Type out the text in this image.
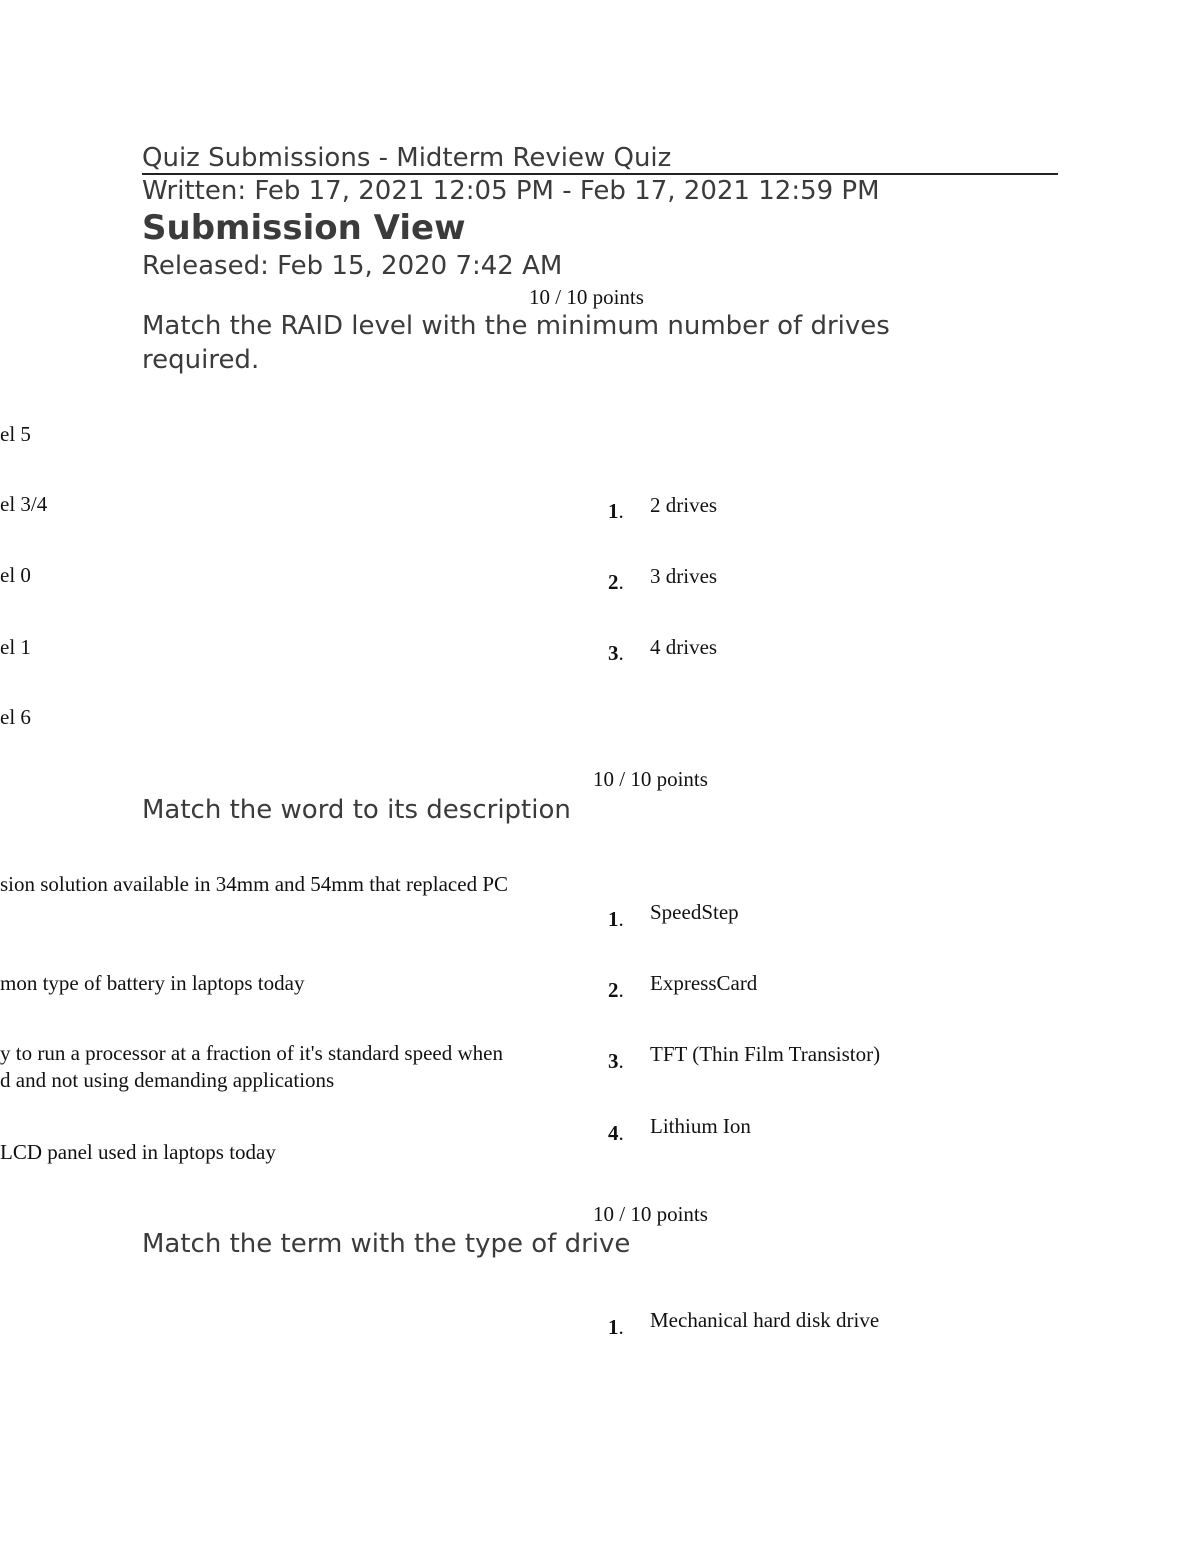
Quiz Submissions - Midterm Review Quiz
Written: Feb 17, 2021 12:05 PM - Feb 17, 2021 12:59 PM
Submission View
Released: Feb 15, 2020 7:42 AM
10 / 10 points
Match the RAID level with the minimum number of drives required.
el 5
el 3/4
el 0
el 1
el 6
1. 2 drives
2. 3 drives
3. 4 drives
10 / 10 points
Match the word to its description
sion solution available in 34mm and 54mm that replaced PC
mon type of battery in laptops today
y to run a processor at a fraction of it's standard speed when
d and not using demanding applications
LCD panel used in laptops today
1. SpeedStep
2. ExpressCard
3. TFT (Thin Film Transistor)
4. Lithium Ion
10 / 10 points
Match the term with the type of drive
1. Mechanical hard disk drive
